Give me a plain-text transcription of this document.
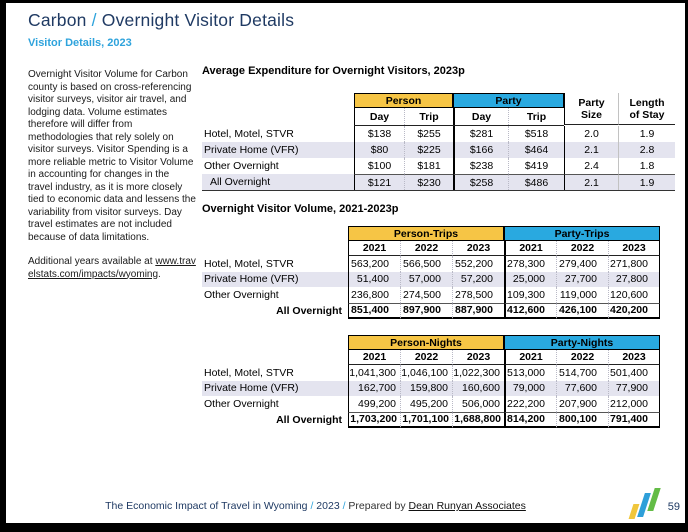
Carbon / Overnight Visitor Details
Visitor Details, 2023
Overnight Visitor Volume for Carbon county is based on cross-referencing visitor surveys, visitor air travel, and lodging data. Volume estimates therefore will differ from methodologies that rely solely on visitor surveys. Visitor Spending is a more reliable metric to Visitor Volume in accounting for changes in the travel industry, as it is more closely tied to economic data and lessens the variability from visitor surveys. Day travel estimates are not included because of data limitations.
Additional years available at www.travelstats.com/impacts/wyoming.
Average Expenditure for Overnight Visitors, 2023p
Person	Party
Day	Trip	Day	Trip
Party Size
Length of Stay
Hotel, Motel, STVR	$138	$255	$281	$518	2.0	1.9
Private Home (VFR)	$80	$225	$166	$464	2.1	2.8
Other Overnight	$100	$181	$238	$419	2.4	1.8
All Overnight	$121	$230	$258	$486	2.1	1.9
Overnight Visitor Volume, 2021-2023p
Person-Trips	Party-Trips
2021	2022	2023	2021	2022	2023
Hotel, Motel, STVR	563,200	566,500	552,200	278,300	279,400	271,800
Private Home (VFR)	51,400	57,000	57,200	25,000	27,700	27,800
Other Overnight	236,800	274,500	278,500	109,300	119,000	120,600
All Overnight 851,400	897,900	887,900	412,600	426,100	420,200
Person-Nights	Party-Nights
2021	2022	2023	2021	2022	2023
Hotel, Motel, STVR	1,041,300 1,046,100 1,022,300 513,000	514,700	501,400
Private Home (VFR)	162,700	159,800	160,600	79,000	77,600	77,900
Other Overnight	499,200	495,200	506,000 222,200	207,900	212,000
All Overnight 1,703,200 1,701,100 1,688,800 814,200	800,100	791,400
The Economic Impact of Travel in Wyoming / 2023 / Prepared by Dean Runyan Associates	59
